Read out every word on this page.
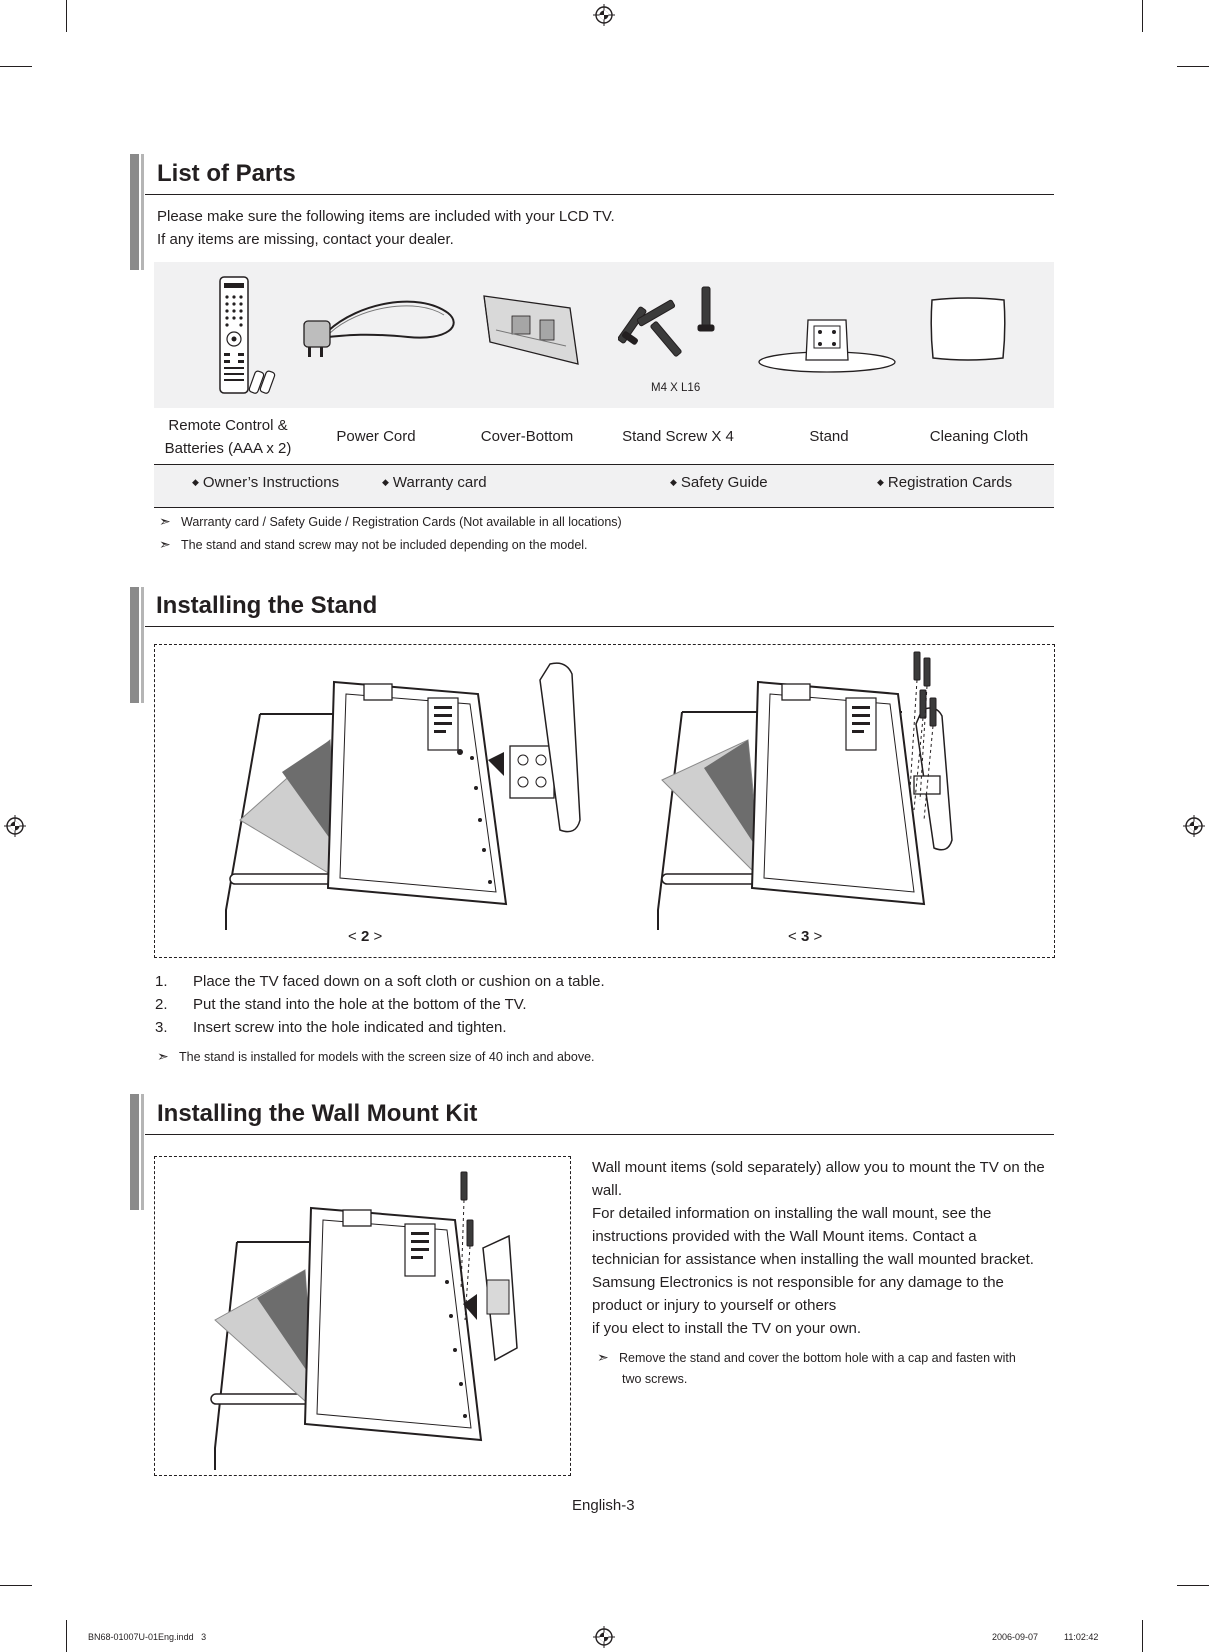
List of Parts
Please make sure the following items are included with your LCD TV.
If any items are missing, contact your dealer.
M4 X L16
Remote Control &
Batteries (AAA x 2)
Power Cord	Cover-Bottom	Stand Screw X 4	Stand	Cleaning Cloth
◆ Owner’s Instructions	◆ Warranty card	◆ Safety Guide	◆ Registration Cards
➣ Warranty card / Safety Guide / Registration Cards (Not available in all locations)
➣ The stand and stand screw may not be included depending on the model.
Installing the Stand
< 2 >	< 3 >
1. Place the TV faced down on a soft cloth or cushion on a table.
2. Put the stand into the hole at the bottom of the TV.
3. Insert screw into the hole indicated and tighten.
➣ The stand is installed for models with the screen size of 40 inch and above.
Installing the Wall Mount Kit
Wall mount items (sold separately) allow you to mount the TV on the
wall.
For detailed information on installing the wall mount, see the
instructions provided with the Wall Mount items. Contact a
technician for assistance when installing the wall mounted bracket.
Samsung Electronics is not responsible for any damage to the
product or injury to yourself or others
if you elect to install the TV on your own.
➣ Remove the stand and cover the bottom hole with a cap and fasten with
two screws.
English-3
BN68-01007U-01Eng.indd   3	2006-09-07	11:02:42
